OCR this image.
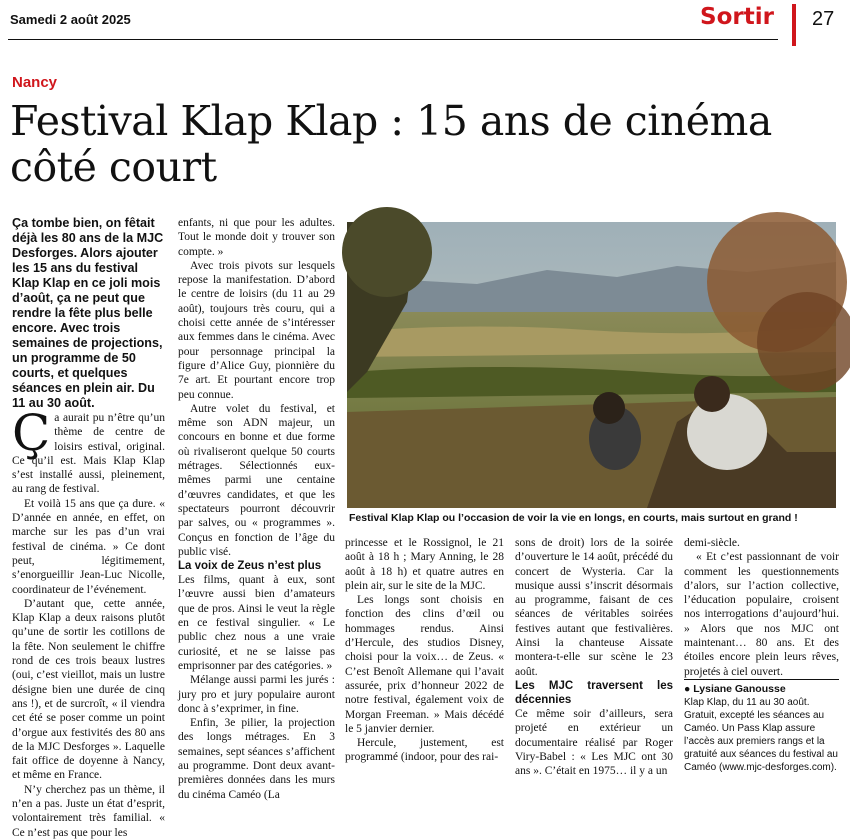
Samedi 2 août 2025	Sortir 27
Nancy
Festival Klap Klap : 15 ans de cinéma côté court

Ça tombe bien, on fêtait déjà les 80 ans de la MJC Desforges. Alors ajouter les 15 ans du festival Klap Klap en ce joli mois d’août, ça ne peut que rendre la fête plus belle encore. Avec trois semaines de projections, un programme de 50 courts, et quelques séances en plein air. Du 11 au 30 août.

Ça aurait pu n’être qu’un thème de centre de loisirs estival, original. Ce qu’il est. Mais Klap Klap s’est installé aussi, pleinement, au rang de festival.

Et voilà 15 ans que ça dure. « D’année en année, en effet, on marche sur les pas d’un vrai festival de cinéma. » Ce dont peut, légitimement, s’enorgueillir Jean-Luc Nicolle, coordinateur de l’événement.

D’autant que, cette année, Klap Klap a deux raisons plutôt qu’une de sortir les cotillons de la fête. Non seulement le chiffre rond de ces trois beaux lustres (oui, c’est vieillot, mais un lustre désigne bien une durée de cinq ans !), et de surcroît, « il viendra cet été se poser comme un point d’orgue aux festivités des 80 ans de la MJC Desforges ». Laquelle fait office de doyenne à Nancy, et même en France.

N’y cherchez pas un thème, il n’en a pas. Juste un état d’esprit, volontairement très familial. « Ce n’est pas que pour les

enfants, ni que pour les adultes. Tout le monde doit y trouver son compte. »

Avec trois pivots sur lesquels repose la manifestation. D’abord le centre de loisirs (du 11 au 29 août), toujours très couru, qui a choisi cette année de s’intéresser aux femmes dans le cinéma. Avec pour personnage principal la figure d’Alice Guy, pionnière du 7e art. Et pourtant encore trop peu connue.

Autre volet du festival, et même son ADN majeur, un concours en bonne et due forme où rivaliseront quelque 50 courts métrages. Sélectionnés eux-mêmes parmi une centaine d’œuvres candidates, et que les spectateurs pourront découvrir par salves, ou « programmes ». Conçus en fonction de l’âge du public visé.

La voix de Zeus n’est plus

Les films, quant à eux, sont l’œuvre aussi bien d’amateurs que de pros. Ainsi le veut la règle en ce festival singulier. « Le public chez nous a une vraie curiosité, et ne se laisse pas emprisonner par des catégories. »

Mélange aussi parmi les jurés : jury pro et jury populaire auront donc à s’exprimer, in fine.

Enfin, 3e pilier, la projection des longs métrages. En 3 semaines, sept séances s’affichent au programme. Dont deux avant-premières données dans les murs du cinéma Caméo (La

Festival Klap Klap ou l’occasion de voir la vie en longs, en courts, mais surtout en grand !

princesse et le Rossignol, le 21 août à 18 h ; Mary Anning, le 28 août à 18 h) et quatre autres en plein air, sur le site de la MJC.

Les longs sont choisis en fonction des clins d’œil ou hommages rendus. Ainsi d’Hercule, des studios Disney, choisi pour la voix… de Zeus. « C’est Benoît Allemane qui l’avait assurée, prix d’honneur 2022 de notre festival, également voix de Morgan Freeman. » Mais décédé le 5 janvier dernier.

Hercule, justement, est programmé (indoor, pour des rai-

sons de droit) lors de la soirée d’ouverture le 14 août, précédé du concert de Wysteria. Car la musique aussi s’inscrit désormais au programme, faisant de ces séances de véritables soirées festives autant que festivalières. Ainsi la chanteuse Aissate montera-t-elle sur scène le 23 août.

Les MJC traversent les décennies

Ce même soir d’ailleurs, sera projeté en extérieur un documentaire réalisé par Roger Viry-Babel : « Les MJC ont 30 ans ». C’était en 1975… il y a un

demi-siècle.

« Et c’est passionnant de voir comment les questionnements d’alors, sur l’action collective, l’éducation populaire, croisent nos interrogations d’aujourd’hui. » Alors que nos MJC ont maintenant… 80 ans. Et des étoiles encore plein leurs rêves, projetés à ciel ouvert.

● Lysiane Ganousse

Klap Klap, du 11 au 30 août. Gratuit, excepté les séances au Caméo. Un Pass Klap assure l’accès aux premiers rangs et la gratuité aux séances du festival au Caméo (www.mjc-desforges.com).
